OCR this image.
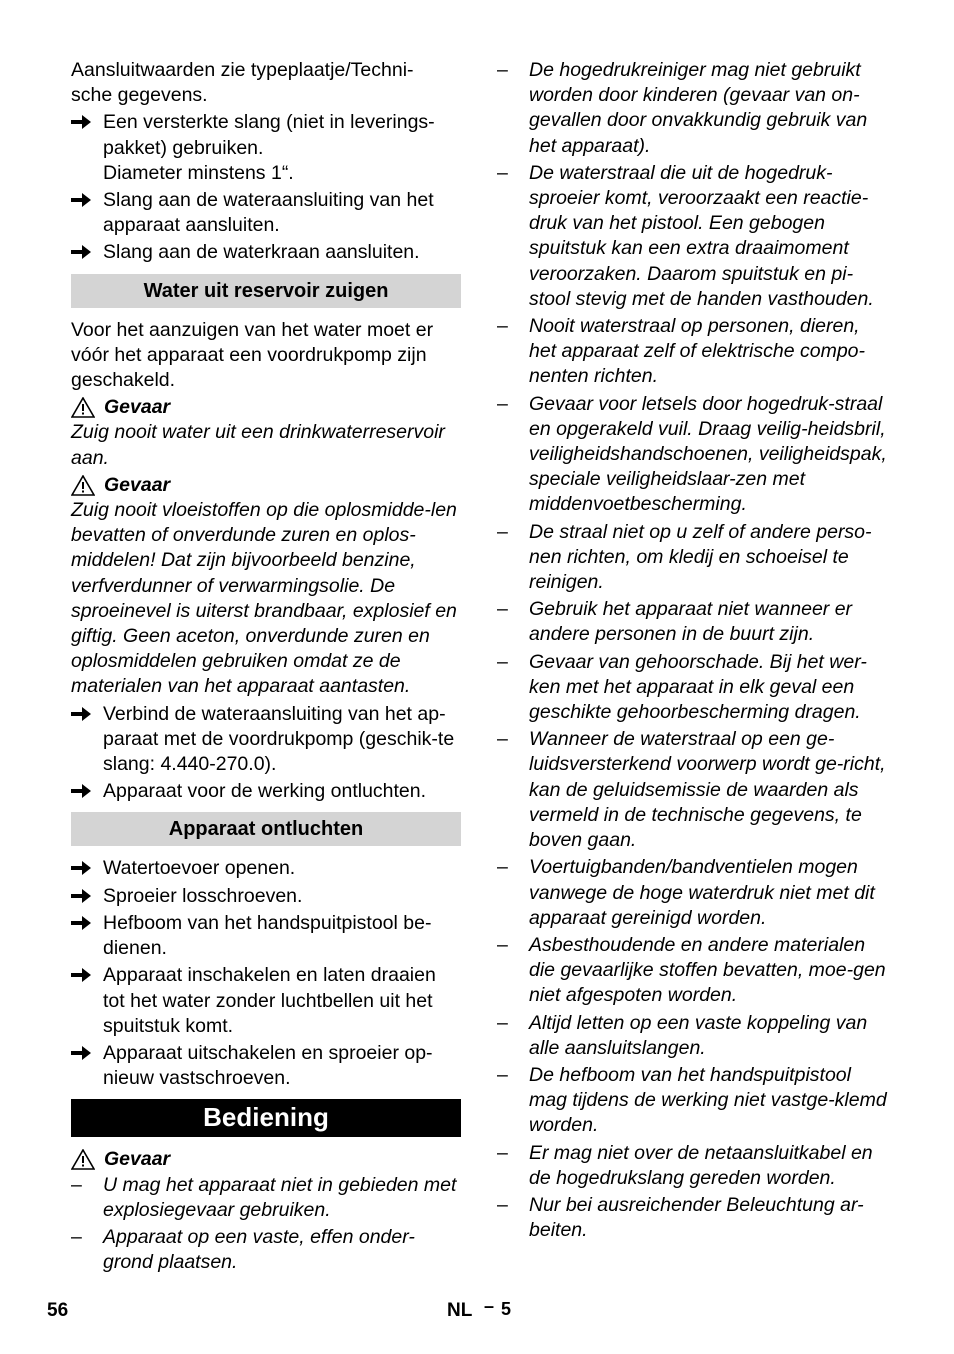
Aansluitwaarden zie typeplaatje/Techni-sche gegevens.

Een versterkte slang (niet in leverings-pakket) gebruiken.

Diameter minstens 1“.

Slang aan de wateraansluiting van het apparaat aansluiten.
Slang aan de waterkraan aansluiten.
Water uit reservoir zuigen

Voor het aanzuigen van het water moet er vóór het apparaat een voordrukpomp zijn geschakeld.

Gevaar

Zuig nooit water uit een drinkwaterreservoir aan.

Gevaar

Zuig nooit vloeistoffen op die oplosmidde-len bevatten of onverdunde zuren en oplos-middelen! Dat zijn bijvoorbeeld benzine, verfverdunner of verwarmingsolie. De sproeinevel is uiterst brandbaar, explosief en giftig. Geen aceton, onverdunde zuren en oplosmiddelen gebruiken omdat ze de materialen van het apparaat aantasten.

Verbind de wateraansluiting van het ap-paraat met de voordrukpomp (geschik-te slang: 4.440-270.0).
Apparaat voor de werking ontluchten.
Apparaat ontluchten
Watertoevoer openen.
Sproeier losschroeven.
Hefboom van het handspuitpistool be-dienen.
Apparaat inschakelen en laten draaien tot het water zonder luchtbellen uit het spuitstuk komt.
Apparaat uitschakelen en sproeier op-nieuw vastschroeven.
Bediening
Gevaar
– U mag het apparaat niet in gebieden met explosiegevaar gebruiken.
– Apparaat op een vaste, effen onder-grond plaatsen.
– De hogedrukreiniger mag niet gebruikt worden door kinderen (gevaar van on-gevallen door onvakkundig gebruik van het apparaat).
– De waterstraal die uit de hogedruk-sproeier komt, veroorzaakt een reactie-druk van het pistool. Een gebogen spuitstuk kan een extra draaimoment veroorzaken. Daarom spuitstuk en pi-stool stevig met de handen vasthouden.
– Nooit waterstraal op personen, dieren, het apparaat zelf of elektrische compo-nenten richten.
– Gevaar voor letsels door hogedruk-straal en opgerakeld vuil. Draag veilig-heidsbril, veiligheidshandschoenen, veiligheidspak, speciale veiligheidslaar-zen met middenvoetbescherming.
– De straal niet op u zelf of andere perso-nen richten, om kledij en schoeisel te reinigen.
– Gebruik het apparaat niet wanneer er andere personen in de buurt zijn.
– Gevaar van gehoorschade. Bij het wer-ken met het apparaat in elk geval een geschikte gehoorbescherming dragen.
– Wanneer de waterstraal op een ge-luidsversterkend voorwerp wordt ge-richt, kan de geluidsemissie de waarden als vermeld in de technische gegevens, te boven gaan.
– Voertuigbanden/bandventielen mogen vanwege de hoge waterdruk niet met dit apparaat gereinigd worden.
– Asbesthoudende en andere materialen die gevaarlijke stoffen bevatten, moe-gen niet afgespoten worden.
– Altijd letten op een vaste koppeling van alle aansluitslangen.
– De hefboom van het handspuitpistool mag tijdens de werking niet vastge-klemd worden.
– Er mag niet over de netaansluitkabel en de hogedrukslang gereden worden.
– Nur bei ausreichender Beleuchtung ar-beiten.
56	NL – 5
